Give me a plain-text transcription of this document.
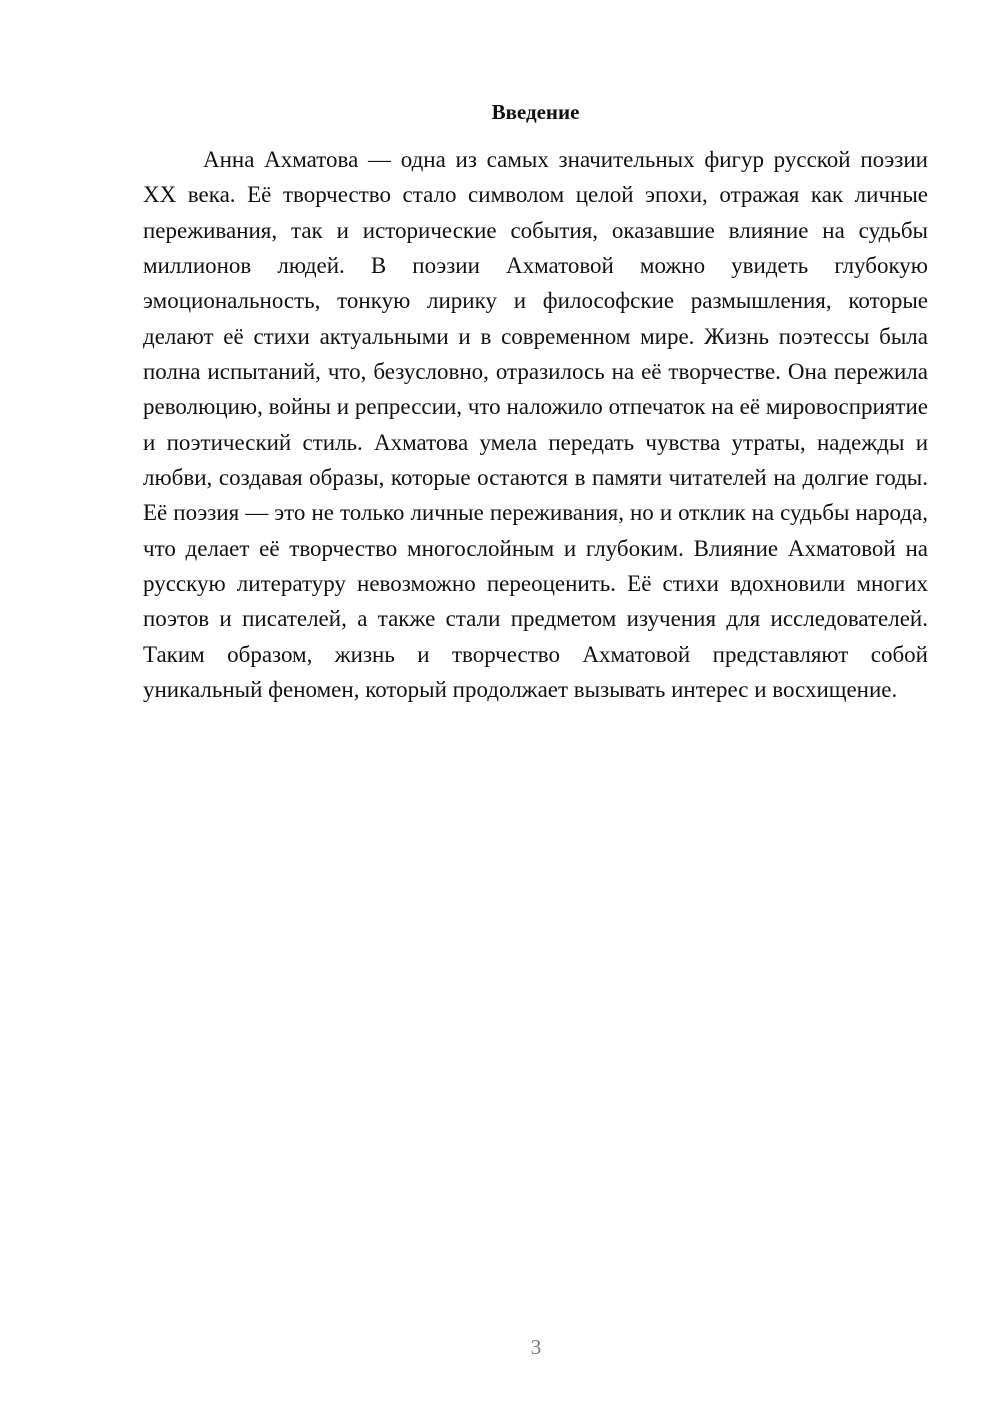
Введение

Анна Ахматова — одна из самых значительных фигур русской поэзии XX века. Её творчество стало символом целой эпохи, отражая как личные переживания, так и исторические события, оказавшие влияние на судьбы миллионов людей. В поэзии Ахматовой можно увидеть глубокую эмоциональность, тонкую лирику и философские размышления, которые делают её стихи актуальными и в современном мире. Жизнь поэтессы была полна испытаний, что, безусловно, отразилось на её творчестве. Она пережила революцию, войны и репрессии, что наложило отпечаток на её мировосприятие и поэтический стиль. Ахматова умела передать чувства утраты, надежды и любви, создавая образы, которые остаются в памяти читателей на долгие годы. Её поэзия — это не только личные переживания, но и отклик на судьбы народа, что делает её творчество многослойным и глубоким. Влияние Ахматовой на русскую литературу невозможно переоценить. Её стихи вдохновили многих поэтов и писателей, а также стали предметом изучения для исследователей. Таким образом, жизнь и творчество Ахматовой представляют собой уникальный феномен, который продолжает вызывать интерес и восхищение.

3
